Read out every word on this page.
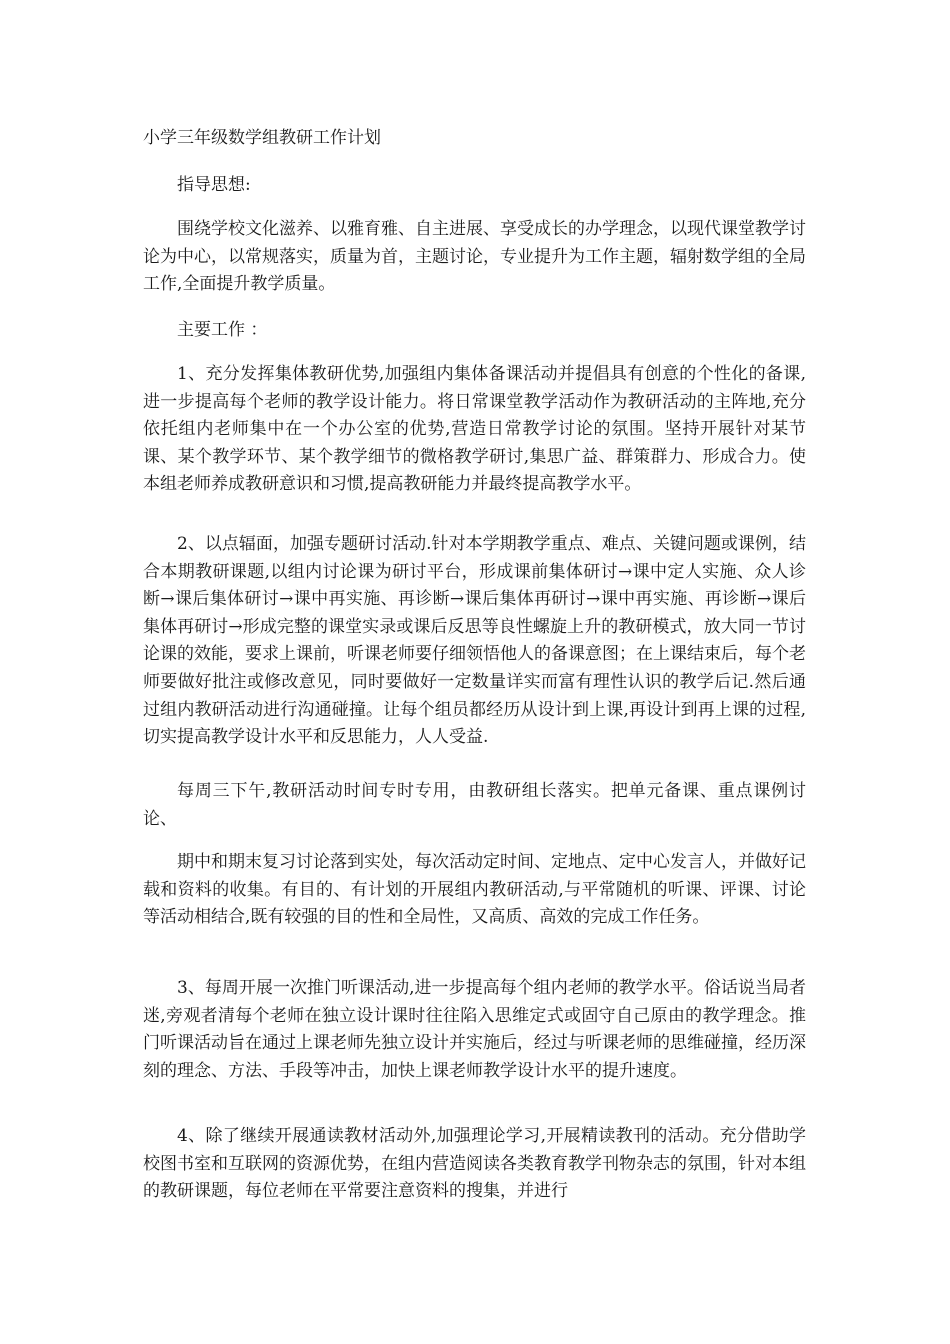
小学三年级数学组教研工作计划

指导思想:

围绕学校文化滋养、以雅育雅、自主进展、享受成长的办学理念，以现代课堂教学讨论为中心，以常规落实，质量为首，主题讨论，专业提升为工作主题，辐射数学组的全局工作,全面提升教学质量。

主要工作 ：

1、充分发挥集体教研优势,加强组内集体备课活动并提倡具有创意的个性化的备课,进一步提高每个老师的教学设计能力。将日常课堂教学活动作为教研活动的主阵地,充分依托组内老师集中在一个办公室的优势,营造日常教学讨论的氛围。坚持开展针对某节课、某个教学环节、某个教学细节的微格教学研讨,集思广益、群策群力、形成合力。使本组老师养成教研意识和习惯,提高教研能力并最终提高教学水平。

2、以点辐面，加强专题研讨活动.针对本学期教学重点、难点、关键问题或课例，结合本期教研课题,以组内讨论课为研讨平台，形成课前集体研讨→课中定人实施、众人诊断→课后集体研讨→课中再实施、再诊断→课后集体再研讨→课中再实施、再诊断→课后集体再研讨→形成完整的课堂实录或课后反思等良性螺旋上升的教研模式，放大同一节讨论课的效能，要求上课前，听课老师要仔细领悟他人的备课意图；在上课结束后，每个老师要做好批注或修改意见，同时要做好一定数量详实而富有理性认识的教学后记.然后通过组内教研活动进行沟通碰撞。让每个组员都经历从设计到上课,再设计到再上课的过程,切实提高教学设计水平和反思能力，人人受益.

每周三下午,教研活动时间专时专用，由教研组长落实。把单元备课、重点课例讨论、

期中和期末复习讨论落到实处，每次活动定时间、定地点、定中心发言人，并做好记载和资料的收集。有目的、有计划的开展组内教研活动,与平常随机的听课、评课、讨论等活动相结合,既有较强的目的性和全局性，又高质、高效的完成工作任务。

3、每周开展一次推门听课活动,进一步提高每个组内老师的教学水平。俗话说当局者迷,旁观者清每个老师在独立设计课时往往陷入思维定式或固守自己原由的教学理念。推门听课活动旨在通过上课老师先独立设计并实施后，经过与听课老师的思维碰撞，经历深刻的理念、方法、手段等冲击，加快上课老师教学设计水平的提升速度。

4、除了继续开展通读教材活动外,加强理论学习,开展精读教刊的活动。充分借助学校图书室和互联网的资源优势，在组内营造阅读各类教育教学刊物杂志的氛围，针对本组的教研课题，每位老师在平常要注意资料的搜集，并进行
